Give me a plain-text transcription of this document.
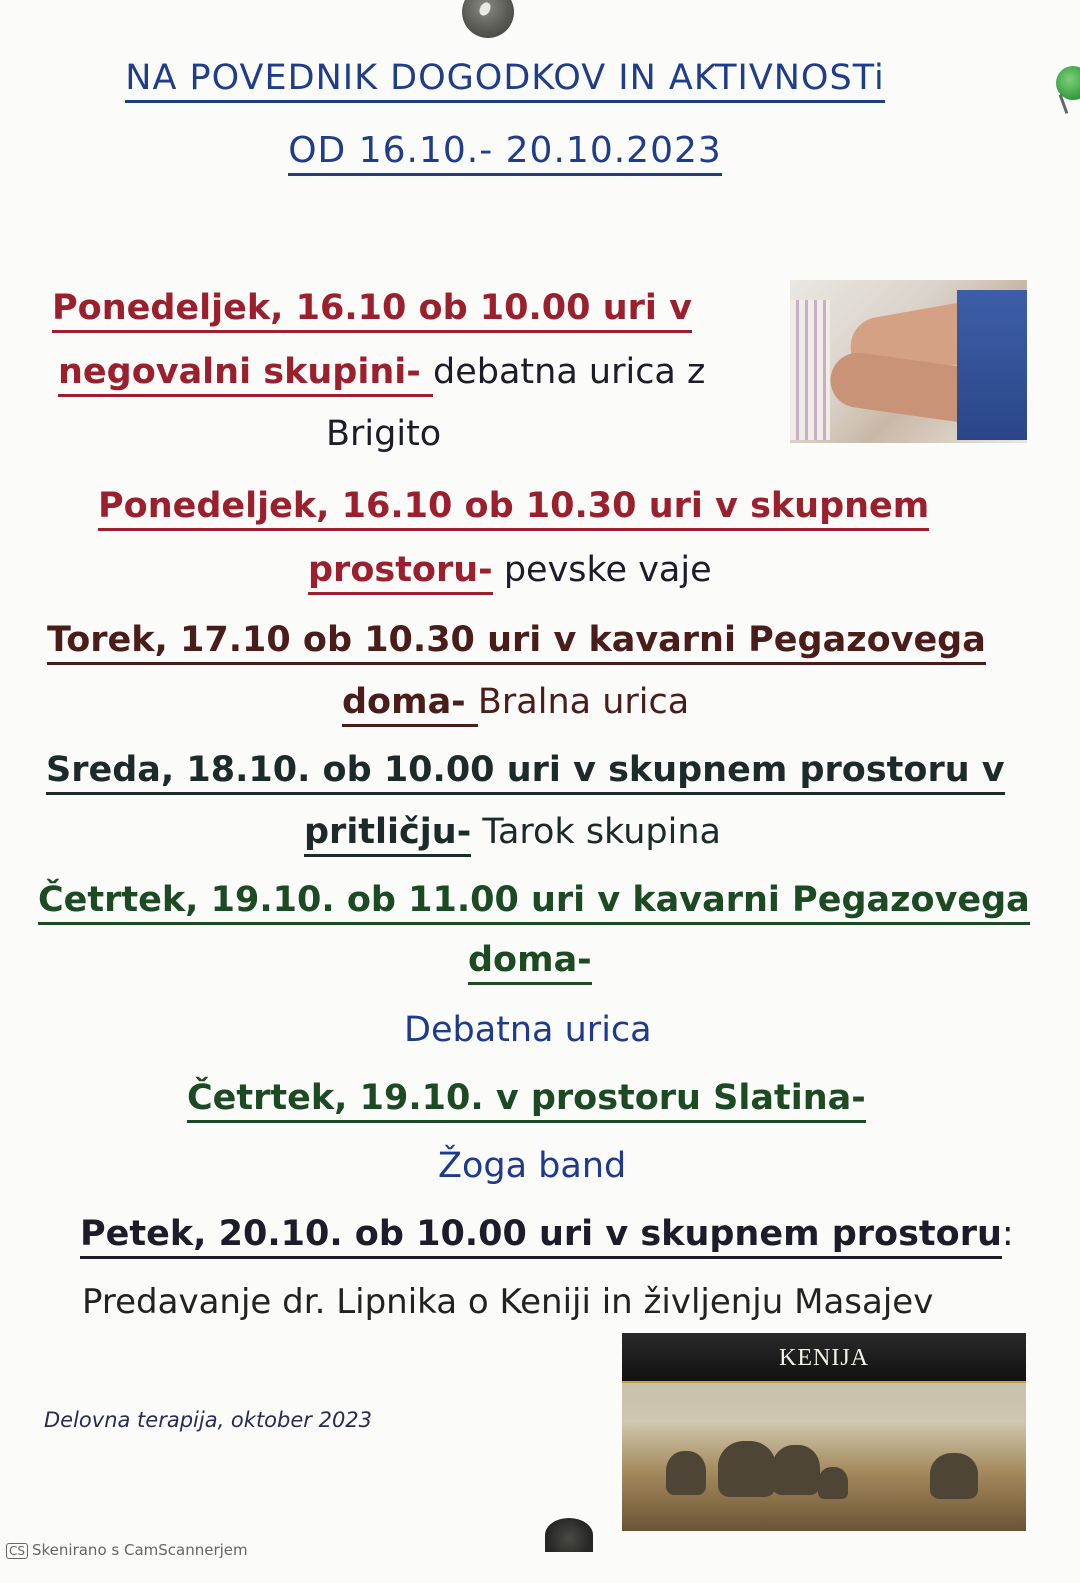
NA POVEDNIK DOGODKOV IN AKTIVNOSTi
OD 16.10.- 20.10.2023
Ponedeljek, 16.10 ob 10.00 uri v
negovalni skupini- debatna urica z
Brigito
Ponedeljek, 16.10 ob 10.30 uri v skupnem
prostoru- pevske vaje
Torek, 17.10 ob 10.30 uri v kavarni Pegazovega
doma- Bralna urica
Sreda, 18.10. ob 10.00 uri v skupnem prostoru v
pritličju- Tarok skupina
Četrtek, 19.10. ob 11.00 uri v kavarni Pegazovega
doma-
Debatna urica
Četrtek, 19.10. v prostoru Slatina-
Žoga band
Petek, 20.10. ob 10.00 uri v skupnem prostoru:
Predavanje dr. Lipnika o Keniji in življenju Masajev
KENIJA
Delovna terapija, oktober 2023
CS Skenirano s CamScannerjem
